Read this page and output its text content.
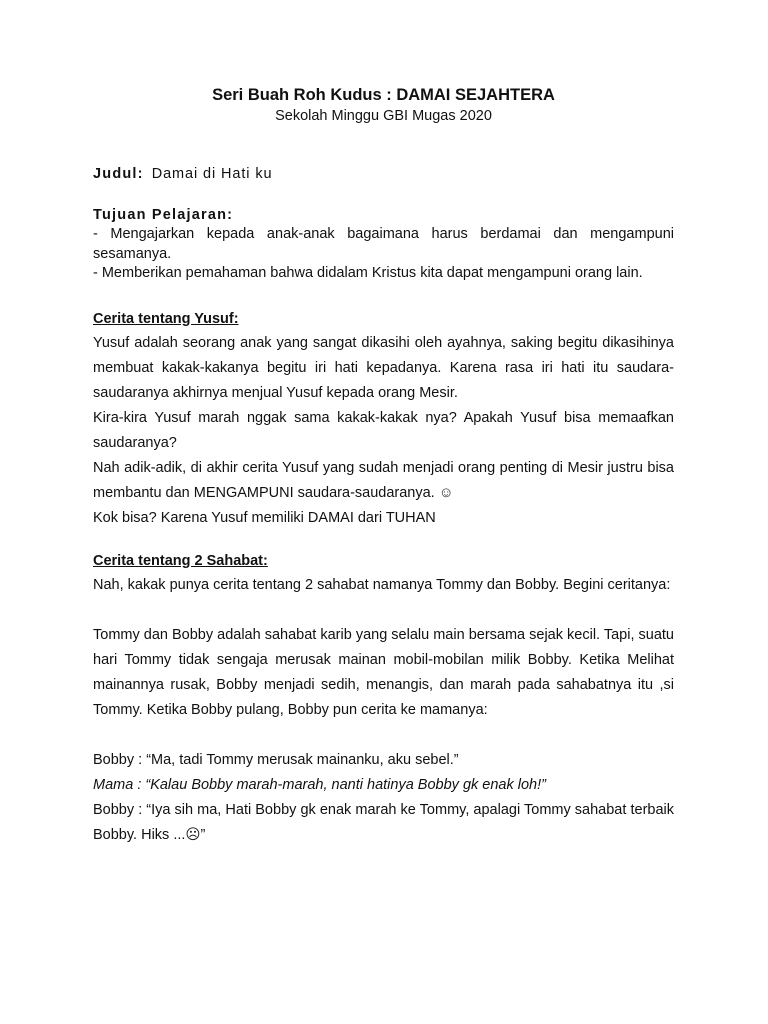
Seri Buah Roh Kudus : DAMAI SEJAHTERA

Sekolah Minggu GBI Mugas 2020

Judul: Damai di Hati ku

Tujuan Pelajaran:

- Mengajarkan kepada anak-anak bagaimana harus berdamai dan mengampuni sesamanya.

- Memberikan pemahaman bahwa didalam Kristus kita dapat mengampuni orang lain.

Cerita tentang Yusuf:

Yusuf adalah seorang anak yang sangat dikasihi oleh ayahnya, saking begitu dikasihinya membuat kakak-kakanya begitu iri hati kepadanya. Karena rasa iri hati itu saudara-saudaranya akhirnya menjual Yusuf kepada orang Mesir.

Kira-kira Yusuf marah nggak sama kakak-kakak nya? Apakah Yusuf bisa memaafkan saudaranya?

Nah adik-adik, di akhir cerita Yusuf yang sudah menjadi orang penting di Mesir justru bisa membantu dan MENGAMPUNI saudara-saudaranya. ☺

Kok bisa? Karena Yusuf memiliki DAMAI dari TUHAN

Cerita tentang 2 Sahabat:

Nah, kakak punya cerita tentang 2 sahabat namanya Tommy dan Bobby. Begini ceritanya:

Tommy dan Bobby adalah sahabat karib yang selalu main bersama sejak kecil. Tapi, suatu hari Tommy tidak sengaja merusak mainan mobil-mobilan milik Bobby. Ketika Melihat mainannya rusak, Bobby menjadi sedih, menangis, dan marah pada sahabatnya itu ,si Tommy. Ketika Bobby pulang, Bobby pun cerita ke mamanya:

Bobby : “Ma, tadi Tommy merusak mainanku, aku sebel.”

Mama : “Kalau Bobby marah-marah, nanti hatinya Bobby gk enak loh!”

Bobby : “Iya sih ma, Hati Bobby gk enak marah ke Tommy, apalagi Tommy sahabat terbaik Bobby. Hiks ...☹”
